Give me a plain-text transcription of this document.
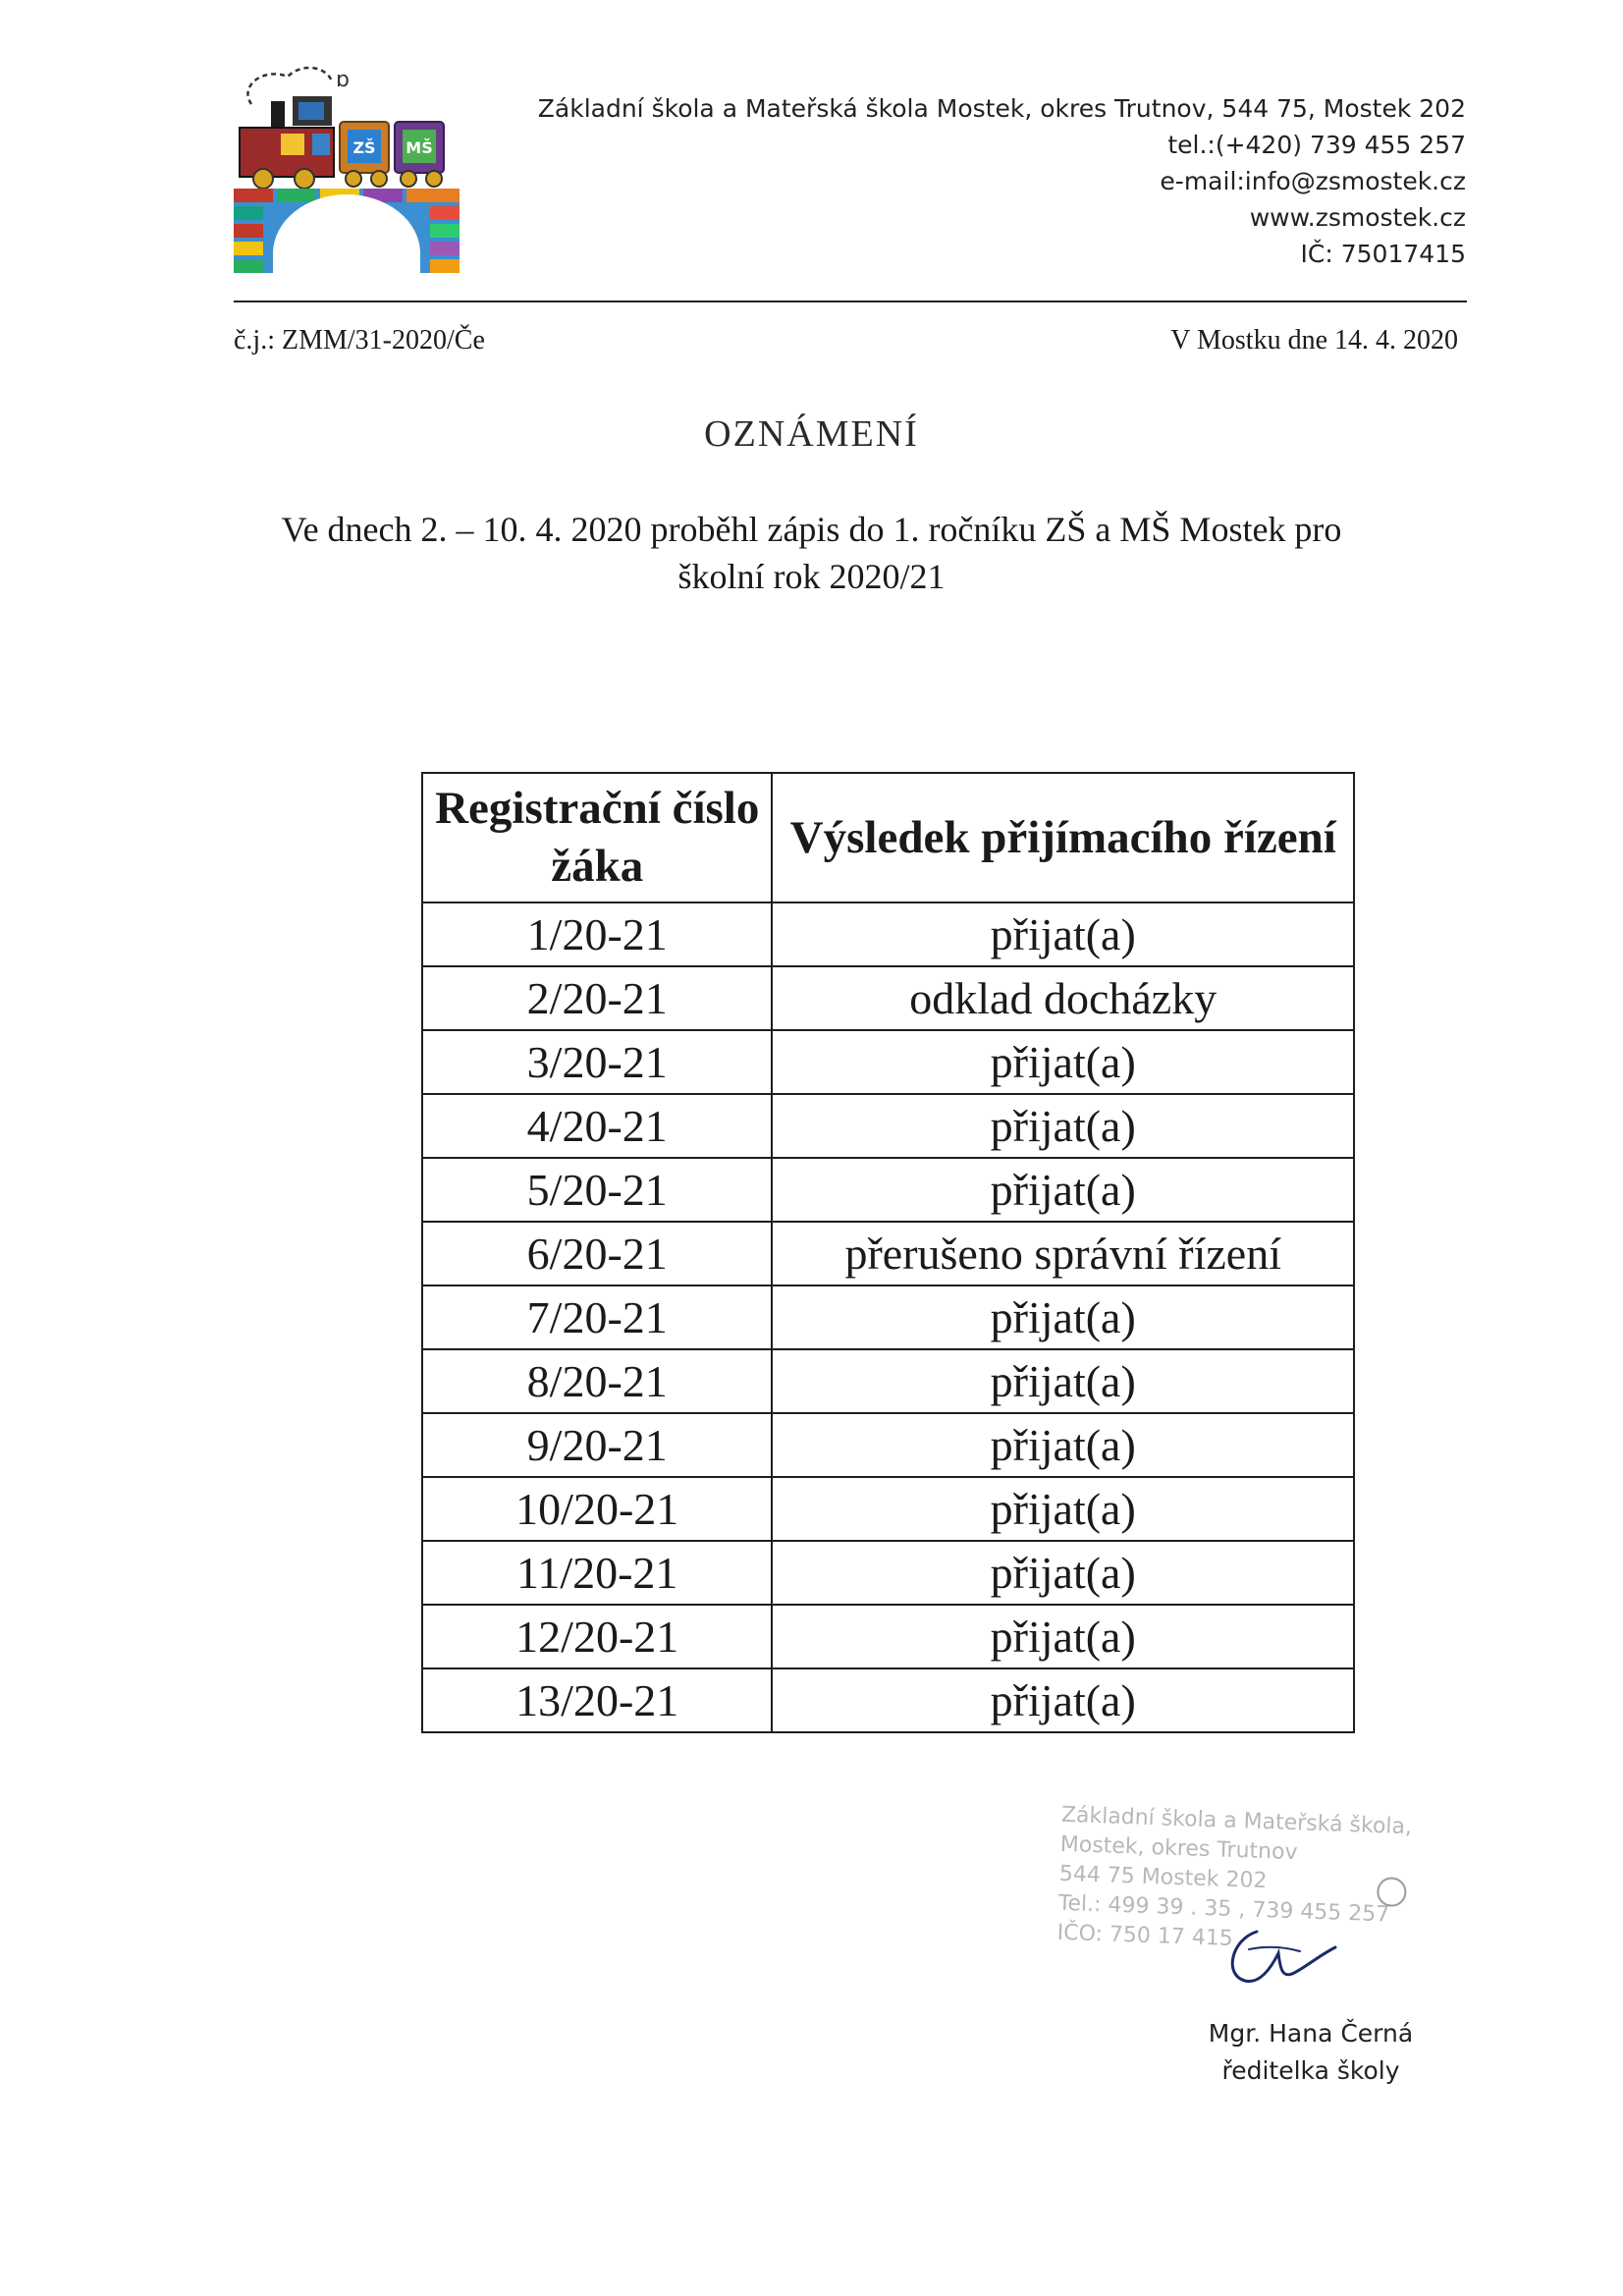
ɒ
ZŠ MŠ
Základní škola a Mateřská škola Mostek, okres Trutnov, 544 75, Mostek 202
tel.:(+420) 739 455 257
e-mail:info@zsmostek.cz
www.zsmostek.cz
IČ: 75017415
č.j.: ZMM/31-2020/Če	V Mostku dne 14. 4. 2020
OZNÁMENÍ
Ve dnech 2. – 10. 4. 2020 proběhl zápis do 1. ročníku ZŠ a MŠ Mostek pro
školní rok 2020/21
Registrační číslo žáka	Výsledek přijímacího řízení
1/20-21	přijat(a)
2/20-21	odklad docházky
3/20-21	přijat(a)
4/20-21	přijat(a)
5/20-21	přijat(a)
6/20-21	přerušeno správní řízení
7/20-21	přijat(a)
8/20-21	přijat(a)
9/20-21	přijat(a)
10/20-21	přijat(a)
11/20-21	přijat(a)
12/20-21	přijat(a)
13/20-21	přijat(a)
Základní škola a Mateřská škola,
Mostek, okres Trutnov
544 75 Mostek 202
Tel.: 499 39 . 35 , 739 455 257
IČO: 750 17 415
Mgr. Hana Černá
ředitelka školy
